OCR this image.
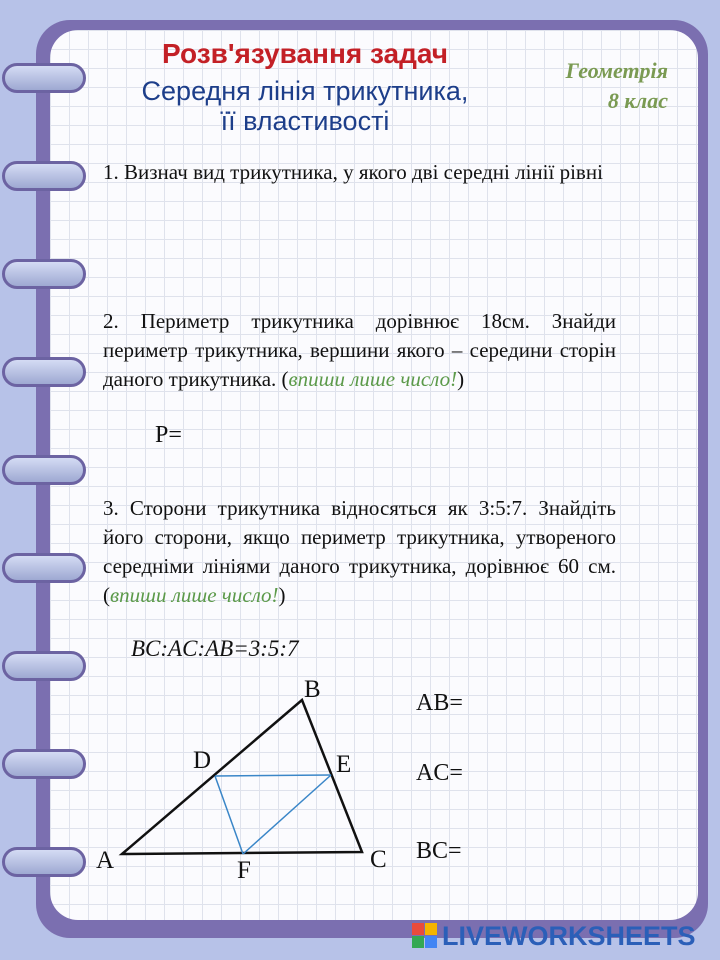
Розв'язування задач

Середня лінія трикутника,

її властивості

Геометрія
8 клас

1. Визнач вид трикутника, у якого дві середні лінії рівні

2. Периметр трикутника дорівнює 18см. Знайди периметр трикутника, вершини якого – середини сторін даного трикутника. (впиши лише число!)

P=

3. Сторони трикутника відносяться як 3:5:7. Знайдіть його сторони, якщо периметр трикутника, утвореного середніми лініями даного трикутника, дорівнює 60 см. (впиши лише число!)

BC:AC:AB=3:5:7
A
B
C
D	E
F
AB=
AC=
BC=
LIVEWORKSHEETS
